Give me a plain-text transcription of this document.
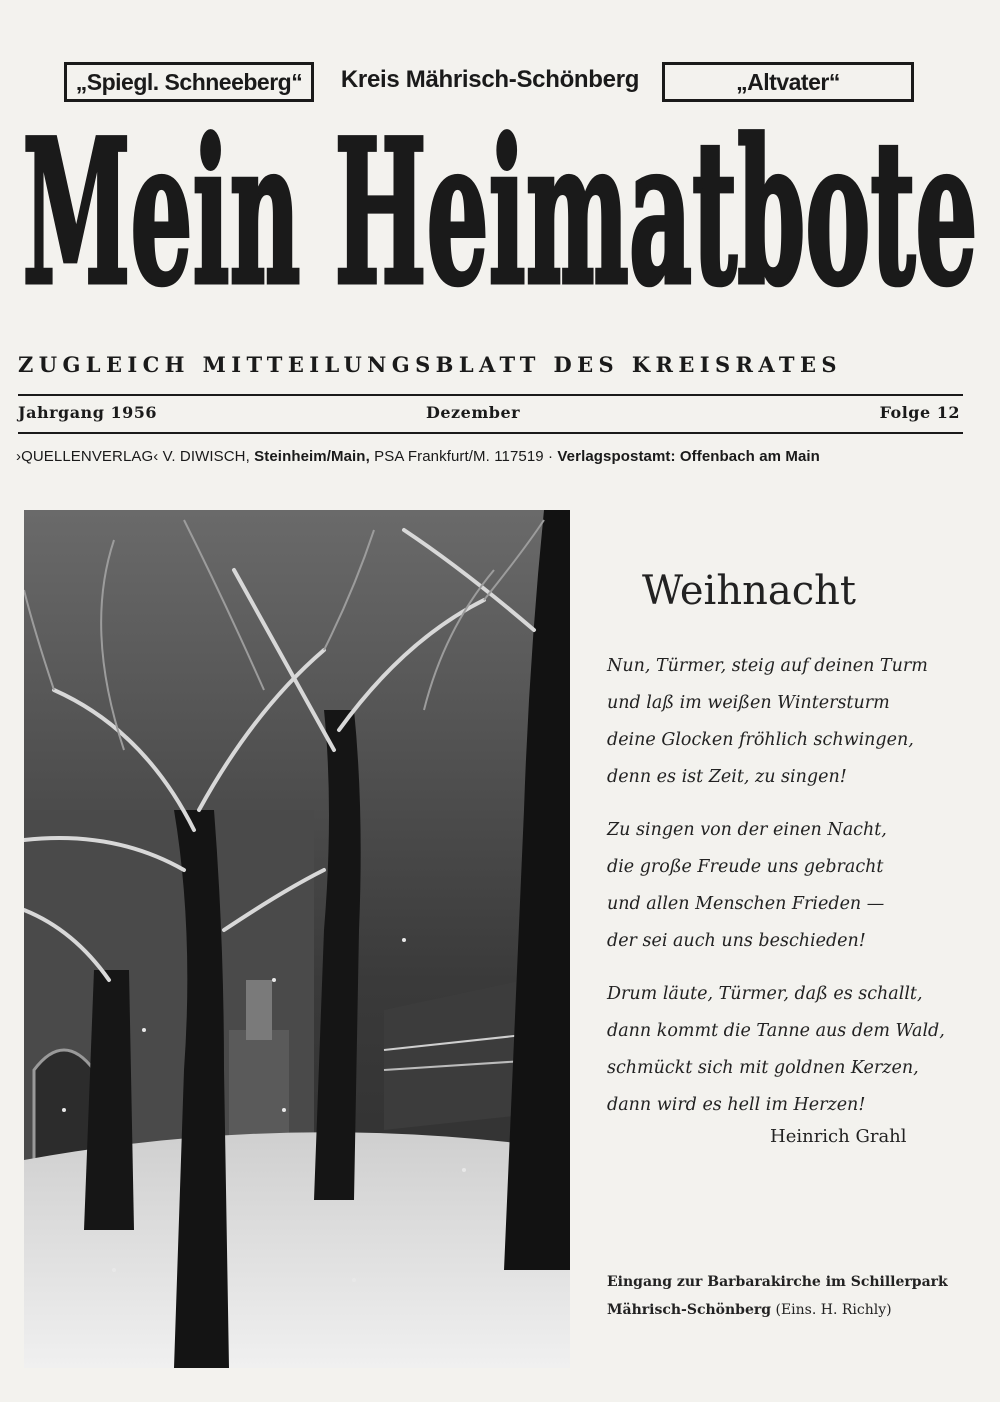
„Spiegl. Schneeberg“	Kreis Mährisch-Schönberg	„Altvater“
Mein Heimatbote
ZUGLEICH MITTEILUNGSBLATT DES KREISRATES
Jahrgang 1956	Dezember	Folge 12
›QUELLENVERLAG‹ V. DIWISCH, Steinheim/Main, PSA Frankfurt/M. 117519 · Verlagspostamt: Offenbach am Main
Weihnacht
Nun, Türmer, steig auf deinen Turm
und laß im weißen Wintersturm
deine Glocken fröhlich schwingen,
denn es ist Zeit, zu singen!
Zu singen von der einen Nacht,
die große Freude uns gebracht
und allen Menschen Frieden —
der sei auch uns beschieden!
Drum läute, Türmer, daß es schallt,
dann kommt die Tanne aus dem Wald,
schmückt sich mit goldnen Kerzen,
dann wird es hell im Herzen!
Heinrich Grahl
Eingang zur Barbarakirche im Schillerpark
Mährisch-Schönberg (Eins. H. Richly)
